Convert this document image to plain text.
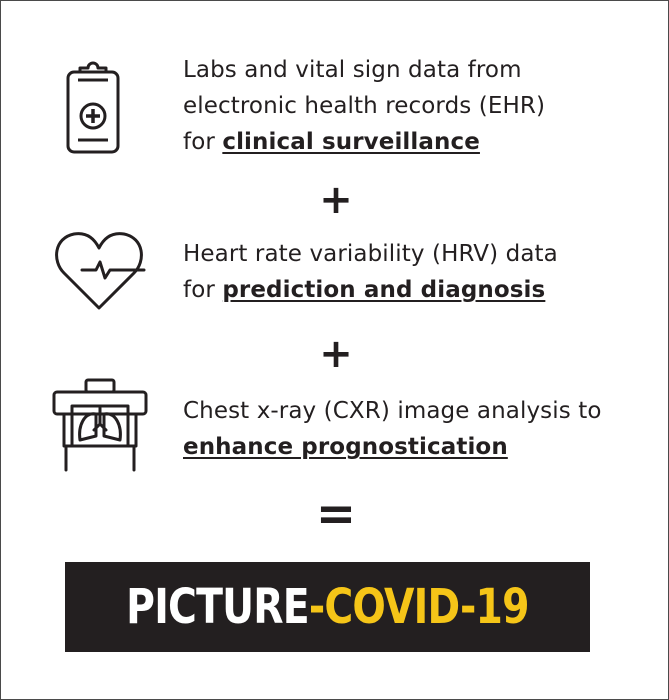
Labs and vital sign data from
electronic health records (EHR)
for clinical surveillance
+
Heart rate variability (HRV) data
for prediction and diagnosis
+
Chest x-ray (CXR) image analysis to
enhance prognostication
=
PICTURE-COVID-19
